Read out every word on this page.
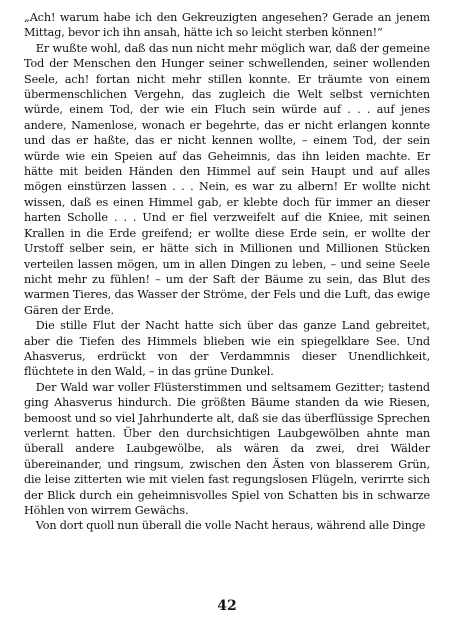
„Ach! warum habe ich den Gekreuzigten angesehen? Gerade an jenem Mittag, bevor ich ihn ansah, hätte ich so leicht sterben können!“

Er wußte wohl, daß das nun nicht mehr möglich war, daß der gemeine Tod der Menschen den Hunger seiner schwellenden, seiner wollenden Seele, ach! fortan nicht mehr stillen konnte. Er träumte von einem übermenschlichen Vergehn, das zugleich die Welt selbst vernichten würde, einem Tod, der wie ein Fluch sein würde auf . . . auf jenes andere, Namenlose, wonach er begehrte, das er nicht erlangen konnte und das er haßte, das er nicht kennen wollte, – einem Tod, der sein würde wie ein Speien auf das Geheimnis, das ihn leiden machte. Er hätte mit beiden Händen den Himmel auf sein Haupt und auf alles mögen einstürzen lassen . . . Nein, es war zu albern! Er wollte nicht wissen, daß es einen Himmel gab, er klebte doch für immer an dieser harten Scholle . . . Und er fiel verzweifelt auf die Kniee, mit seinen Krallen in die Erde greifend; er wollte diese Erde sein, er wollte der Urstoff selber sein, er hätte sich in Millionen und Millionen Stücken verteilen lassen mögen, um in allen Dingen zu leben, – und seine Seele nicht mehr zu fühlen! – um der Saft der Bäume zu sein, das Blut des warmen Tieres, das Wasser der Ströme, der Fels und die Luft, das ewige Gären der Erde.

Die stille Flut der Nacht hatte sich über das ganze Land gebreitet, aber die Tiefen des Himmels blieben wie ein spiegelklare See. Und Ahasverus, erdrückt von der Verdammnis dieser Unendlichkeit, flüchtete in den Wald, – in das grüne Dunkel.

Der Wald war voller Flüsterstimmen und seltsamem Gezitter; tastend ging Ahasverus hindurch. Die größten Bäume standen da wie Riesen, bemoost und so viel Jahrhunderte alt, daß sie das überflüssige Sprechen verlernt hatten. Über den durchsichtigen Laubgewölben ahnte man überall andere Laubgewölbe, als wären da zwei, drei Wälder übereinander, und ringsum, zwischen den Ästen von blasserem Grün, die leise zitterten wie mit vielen fast regungslosen Flügeln, verirrte sich der Blick durch ein geheimnisvolles Spiel von Schatten bis in schwarze Höhlen von wirrem Gewächs.

Von dort quoll nun überall die volle Nacht heraus, während alle Dinge

42
